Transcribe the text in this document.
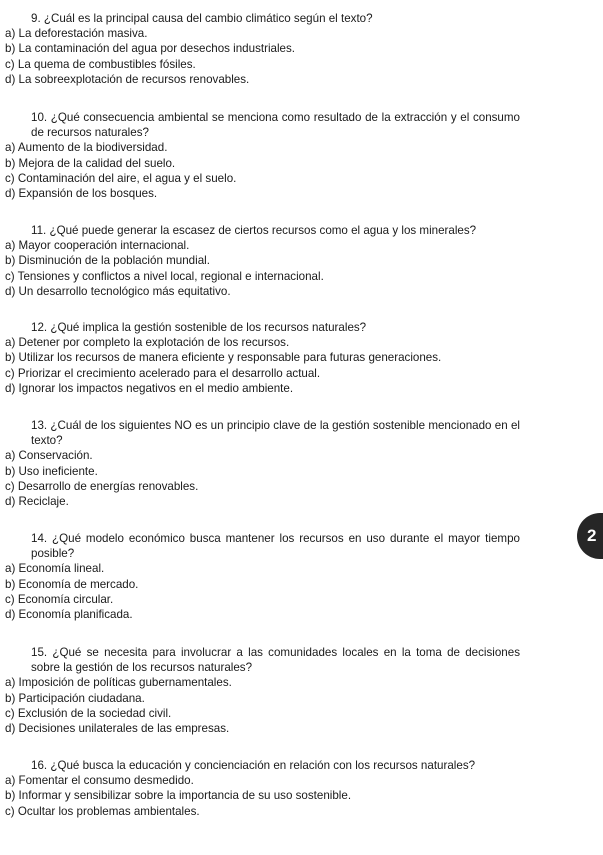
9. ¿Cuál es la principal causa del cambio climático según el texto?

a) La deforestación masiva.

b) La contaminación del agua por desechos industriales.

c) La quema de combustibles fósiles.

d) La sobreexplotación de recursos renovables.

10. ¿Qué consecuencia ambiental se menciona como resultado de la extracción y el consumo de recursos naturales?

a) Aumento de la biodiversidad.

b) Mejora de la calidad del suelo.

c) Contaminación del aire, el agua y el suelo.

d) Expansión de los bosques.

11. ¿Qué puede generar la escasez de ciertos recursos como el agua y los minerales?

a) Mayor cooperación internacional.

b) Disminución de la población mundial.

c) Tensiones y conflictos a nivel local, regional e internacional.

d) Un desarrollo tecnológico más equitativo.

12. ¿Qué implica la gestión sostenible de los recursos naturales?

a) Detener por completo la explotación de los recursos.

b) Utilizar los recursos de manera eficiente y responsable para futuras generaciones.

c) Priorizar el crecimiento acelerado para el desarrollo actual.

d) Ignorar los impactos negativos en el medio ambiente.

13. ¿Cuál de los siguientes NO es un principio clave de la gestión sostenible mencionado en el texto?

a) Conservación.

b) Uso ineficiente.

c) Desarrollo de energías renovables.

d) Reciclaje.

14. ¿Qué modelo económico busca mantener los recursos en uso durante el mayor tiempo posible?

a) Economía lineal.

b) Economía de mercado.

c) Economía circular.

d) Economía planificada.

15. ¿Qué se necesita para involucrar a las comunidades locales en la toma de decisiones sobre la gestión de los recursos naturales?

a) Imposición de políticas gubernamentales.

b) Participación ciudadana.

c) Exclusión de la sociedad civil.

d) Decisiones unilaterales de las empresas.

16. ¿Qué busca la educación y concienciación en relación con los recursos naturales?

a) Fomentar el consumo desmedido.

b) Informar y sensibilizar sobre la importancia de su uso sostenible.

c) Ocultar los problemas ambientales.

2
